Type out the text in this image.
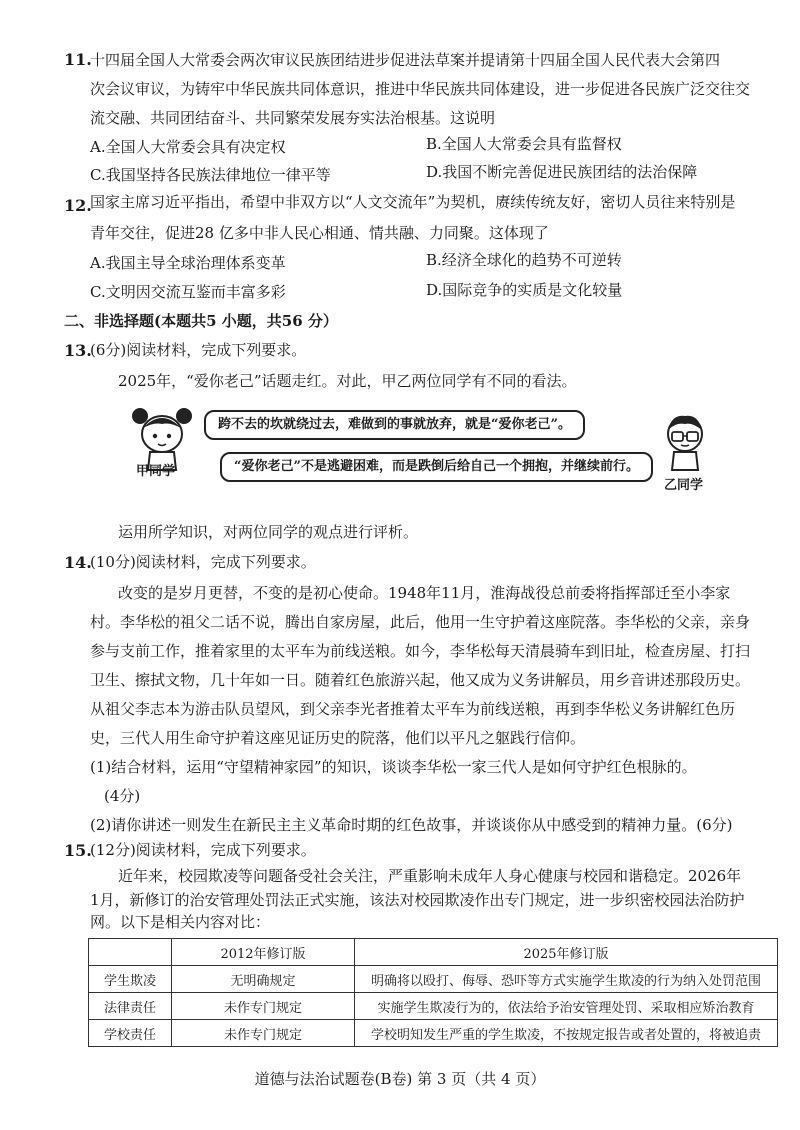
11.
十四届全国人大常委会两次审议民族团结进步促进法草案并提请第十四届全国人民代表大会第四
次会议审议，为铸牢中华民族共同体意识，推进中华民族共同体建设，进一步促进各民族广泛交往交
流交融、共同团结奋斗、共同繁荣发展夯实法治根基。这说明
A.全国人大常委会具有决定权	B.全国人大常委会具有监督权
C.我国坚持各民族法律地位一律平等	D.我国不断完善促进民族团结的法治保障
12.
国家主席习近平指出，希望中非双方以“人文交流年”为契机，赓续传统友好，密切人员往来特别是
青年交往，促进28 亿多中非人民心相通、情共融、力同聚。这体现了
A.我国主导全球治理体系变革	B.经济全球化的趋势不可逆转
C.文明因交流互鉴而丰富多彩	D.国际竞争的实质是文化较量
二、非选择题(本题共5 小题，共56 分）
13.
(6分)阅读材料，完成下列要求。
2025年，“爱你老己”话题走红。对此，甲乙两位同学有不同的看法。
甲同学
跨不去的坎就绕过去，难做到的事就放弃，就是“爱你老己”。
“爱你老己”不是逃避困难，而是跌倒后给自己一个拥抱，并继续前行。
乙同学
运用所学知识，对两位同学的观点进行评析。
14.
(10分)阅读材料，完成下列要求。
改变的是岁月更替，不变的是初心使命。1948年11月，淮海战役总前委将指挥部迁至小李家
村。李华松的祖父二话不说，腾出自家房屋，此后，他用一生守护着这座院落。李华松的父亲，亲身
参与支前工作，推着家里的太平车为前线送粮。如今，李华松每天清晨骑车到旧址，检查房屋、打扫
卫生、擦拭文物，几十年如一日。随着红色旅游兴起，他又成为义务讲解员，用乡音讲述那段历史。
从祖父李志本为游击队员望风，到父亲李光者推着太平车为前线送粮，再到李华松义务讲解红色历
史，三代人用生命守护着这座见证历史的院落，他们以平凡之躯践行信仰。
(1)结合材料，运用“守望精神家园”的知识，谈谈李华松一家三代人是如何守护红色根脉的。
(4分)
(2)请你讲述一则发生在新民主主义革命时期的红色故事，并谈谈你从中感受到的精神力量。(6分)
15.
(12分)阅读材料，完成下列要求。
近年来，校园欺凌等问题备受社会关注，严重影响未成年人身心健康与校园和谐稳定。2026年
1月，新修订的治安管理处罚法正式实施，该法对校园欺凌作出专门规定，进一步织密校园法治防护
	2012年修订版	2025年修订版
学生欺凌	无明确规定	明确将以殴打、侮辱、恐吓等方式实施学生欺凌的行为纳入处罚范围
法律责任	未作专门规定	实施学生欺凌行为的，依法给予治安管理处罚、采取相应矫治教育
学校责任	未作专门规定	学校明知发生严重的学生欺凌，不按规定报告或者处置的，将被追责
道德与法治试题卷(B卷) 第 3 页（共 4 页）
网。以下是相关内容对比：
